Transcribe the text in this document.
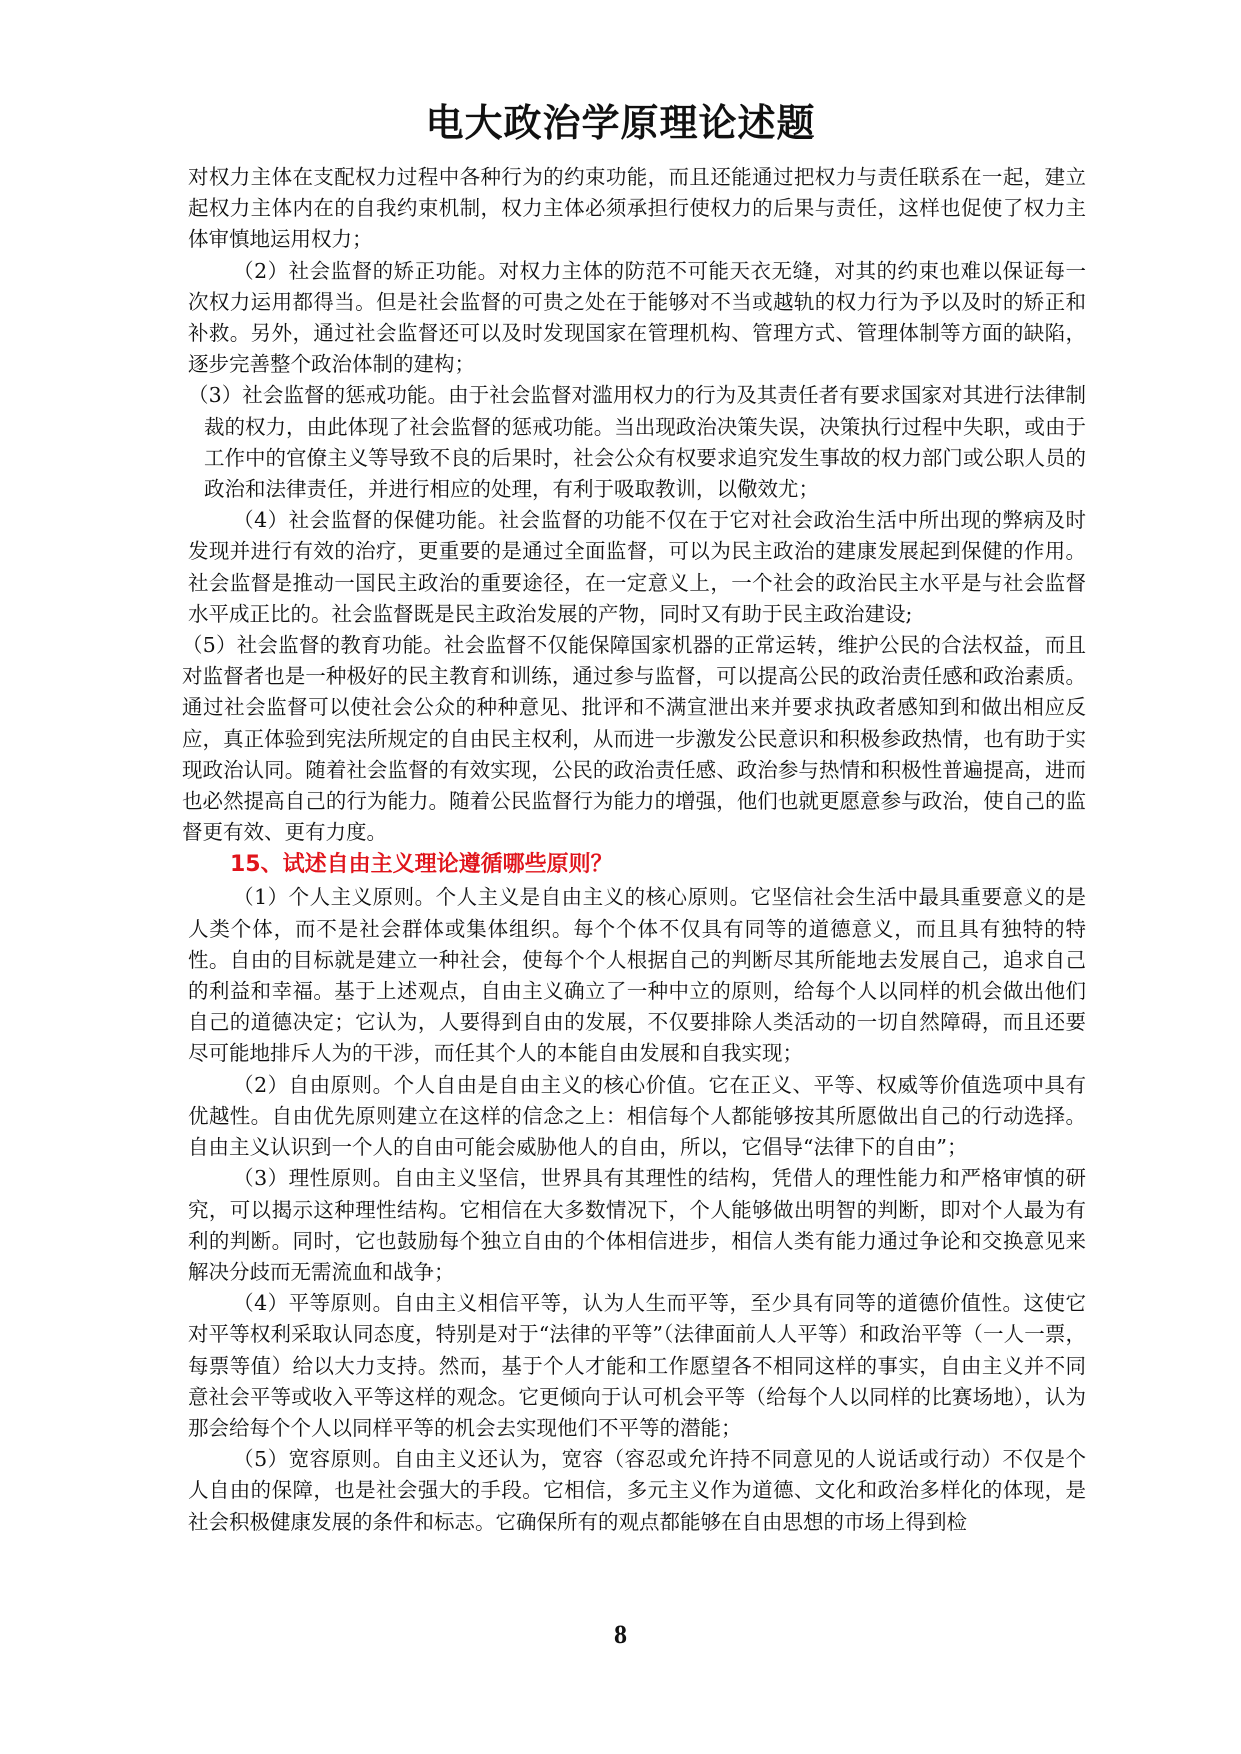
电大政治学原理论述题

对权力主体在支配权力过程中各种行为的约束功能，而且还能通过把权力与责任联系在一起，建立起权力主体内在的自我约束机制，权力主体必须承担行使权力的后果与责任，这样也促使了权力主体审慎地运用权力；

（2）社会监督的矫正功能。对权力主体的防范不可能天衣无缝，对其的约束也难以保证每一次权力运用都得当。但是社会监督的可贵之处在于能够对不当或越轨的权力行为予以及时的矫正和补救。另外，通过社会监督还可以及时发现国家在管理机构、管理方式、管理体制等方面的缺陷，逐步完善整个政治体制的建构；

（3）社会监督的惩戒功能。由于社会监督对滥用权力的行为及其责任者有要求国家对其进行法律制裁的权力，由此体现了社会监督的惩戒功能。当出现政治决策失误，决策执行过程中失职，或由于工作中的官僚主义等导致不良的后果时，社会公众有权要求追究发生事故的权力部门或公职人员的政治和法律责任，并进行相应的处理，有利于吸取教训，以儆效尤；

（4）社会监督的保健功能。社会监督的功能不仅在于它对社会政治生活中所出现的弊病及时发现并进行有效的治疗，更重要的是通过全面监督，可以为民主政治的建康发展起到保健的作用。社会监督是推动一国民主政治的重要途径，在一定意义上，一个社会的政治民主水平是与社会监督水平成正比的。社会监督既是民主政治发展的产物，同时又有助于民主政治建设;

（5）社会监督的教育功能。社会监督不仅能保障国家机器的正常运转，维护公民的合法权益，而且对监督者也是一种极好的民主教育和训练，通过参与监督，可以提高公民的政治责任感和政治素质。通过社会监督可以使社会公众的种种意见、批评和不满宣泄出来并要求执政者感知到和做出相应反应，真正体验到宪法所规定的自由民主权利，从而进一步激发公民意识和积极参政热情，也有助于实现政治认同。随着社会监督的有效实现，公民的政治责任感、政治参与热情和积极性普遍提高，进而也必然提高自己的行为能力。随着公民监督行为能力的增强，他们也就更愿意参与政治，使自己的监督更有效、更有力度。

15、试述自由主义理论遵循哪些原则？

（1）个人主义原则。个人主义是自由主义的核心原则。它坚信社会生活中最具重要意义的是人类个体，而不是社会群体或集体组织。每个个体不仅具有同等的道德意义，而且具有独特的特性。自由的目标就是建立一种社会，使每个个人根据自己的判断尽其所能地去发展自己，追求自己的利益和幸福。基于上述观点，自由主义确立了一种中立的原则，给每个人以同样的机会做出他们自己的道德决定；它认为，人要得到自由的发展，不仅要排除人类活动的一切自然障碍，而且还要尽可能地排斥人为的干涉，而任其个人的本能自由发展和自我实现；

（2）自由原则。个人自由是自由主义的核心价值。它在正义、平等、权威等价值选项中具有优越性。自由优先原则建立在这样的信念之上：相信每个人都能够按其所愿做出自己的行动选择。自由主义认识到一个人的自由可能会威胁他人的自由，所以，它倡导“法律下的自由”；

（3）理性原则。自由主义坚信，世界具有其理性的结构，凭借人的理性能力和严格审慎的研究，可以揭示这种理性结构。它相信在大多数情况下，个人能够做出明智的判断，即对个人最为有利的判断。同时，它也鼓励每个独立自由的个体相信进步，相信人类有能力通过争论和交换意见来解决分歧而无需流血和战争；

（4）平等原则。自由主义相信平等，认为人生而平等，至少具有同等的道德价值性。这使它对平等权利采取认同态度，特别是对于“法律的平等”（法律面前人人平等）和政治平等（一人一票，每票等值）给以大力支持。然而，基于个人才能和工作愿望各不相同这样的事实，自由主义并不同意社会平等或收入平等这样的观念。它更倾向于认可机会平等（给每个人以同样的比赛场地），认为那会给每个个人以同样平等的机会去实现他们不平等的潜能；

（5）宽容原则。自由主义还认为，宽容（容忍或允许持不同意见的人说话或行动）不仅是个人自由的保障，也是社会强大的手段。它相信，多元主义作为道德、文化和政治多样化的体现，是社会积极健康发展的条件和标志。它确保所有的观点都能够在自由思想的市场上得到检

8
